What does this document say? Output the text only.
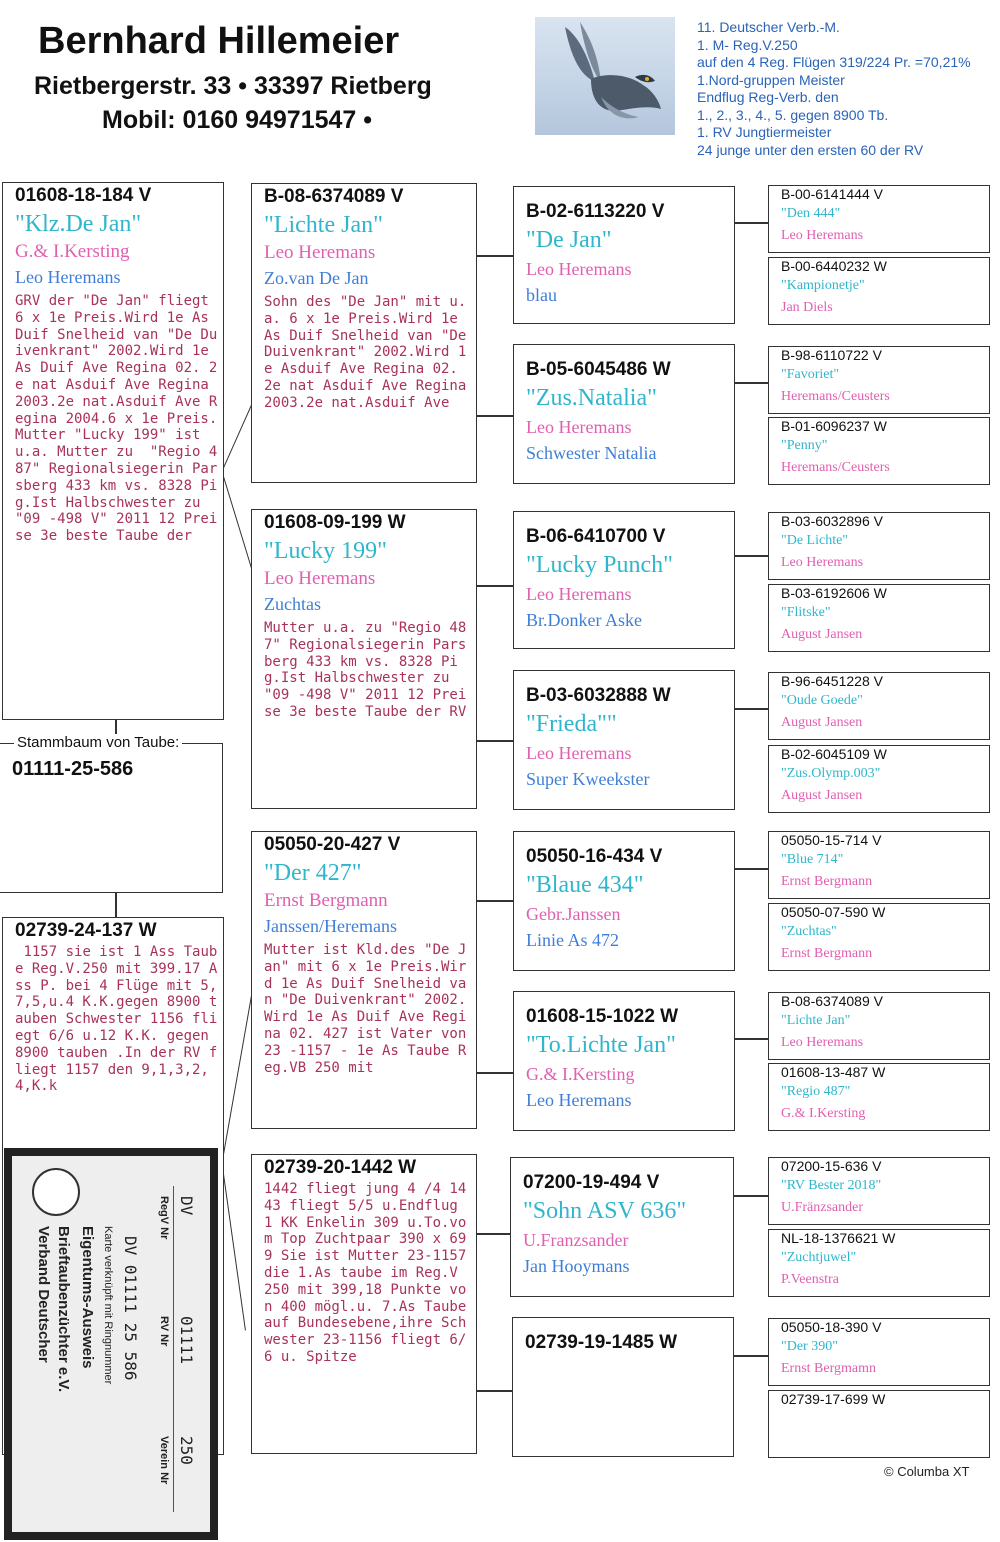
Bernhard Hillemeier
Rietbergerstr. 33 • 33397 Rietberg
Mobil: 0160 94971547 •
11. Deutscher Verb.-M.
1. M- Reg.V.250
auf den 4 Reg. Flügen 319/224 Pr. =70,21%
1.Nord-gruppen Meister
Endflug Reg-Verb. den
1., 2., 3., 4., 5. gegen 8900 Tb.
1. RV Jungtiermeister
24 junge unter den ersten 60 der RV
01608-18-184 V
"Klz.De Jan"
G.& I.Kersting
Leo Heremans
GRV der "De Jan" fliegt 6 x 1e Preis.Wird 1e As Duif Snelheid van "De Duivenkrant" 2002.Wird 1e As Duif Ave Regina 02. 2e nat Asduif Ave Regina 2003.2e nat.Asduif Ave Regina 2004.6 x 1e Preis. Mutter "Lucky 199" ist u.a. Mutter zu  "Regio 487" Regionalsiegerin Parsberg 433 km vs. 8328 Pig.Ist Halbschwester zu "09 -498 V" 2011 12 Preise 3e beste Taube der
Stammbaum von Taube:
01111-25-586
02739-24-137 W
1157 sie ist 1 Ass Taube Reg.V.250 mit 399.17 Ass P. bei 4 Flüge mit 5,7,5,u.4 K.K.gegen 8900 tauben Schwester 1156 fliegt 6/6 u.12 K.K. gegen 8900 tauben .In der RV fliegt 1157 den 9,1,3,2,4,K.k
Verband Deutscher Brieftaubenzüchter e.V. Eigentums-Ausweis Karte verknüpft mit Ringnummer DV 01111 25 586
RegV Nr
RV Nr
Verein Nr
DV
01111
250
B-08-6374089 V
"Lichte Jan"
Leo Heremans
Zo.van De Jan
Sohn des "De Jan" mit u.a. 6 x 1e Preis.Wird 1e As Duif Snelheid van "De Duivenkrant" 2002.Wird 1e Asduif Ave Regina 02. 2e nat Asduif Ave Regina 2003.2e nat.Asduif Ave
01608-09-199 W
"Lucky 199"
Leo Heremans
Zuchtas
Mutter u.a. zu "Regio 487" Regionalsiegerin Parsberg 433 km vs. 8328 Pig.Ist Halbschwester zu "09 -498 V" 2011 12 Preise 3e beste Taube der RV
05050-20-427 V
"Der 427"
Ernst Bergmann
Janssen/Heremans
Mutter ist Kld.des "De Jan" mit 6 x 1e Preis.Wird 1e As Duif Snelheid van "De Duivenkrant" 2002.Wird 1e As Duif Ave Regina 02. 427 ist Vater von 23 -1157 - 1e As Taube Reg.VB 250 mit
02739-20-1442 W
1442 fliegt jung 4 /4 1443 fliegt 5/5 u.Endflug 1 KK Enkelin 309 u.To.vom Top Zuchtpaar 390 x 699 Sie ist Mutter 23-1157 die 1.As taube im Reg.V 250 mit 399,18 Punkte von 400 mögl.u. 7.As Taube auf Bundesebene,ihre Schwester 23-1156 fliegt 6/6 u. Spitze
B-02-6113220 V
"De Jan"
Leo Heremans
blau
B-05-6045486 W
"Zus.Natalia"
Leo Heremans
Schwester Natalia
B-06-6410700 V
"Lucky Punch"
Leo Heremans
Br.Donker Aske
B-03-6032888 W
"Frieda""
Leo Heremans
Super Kweekster
05050-16-434 V
"Blaue 434"
Gebr.Janssen
Linie As 472
01608-15-1022 W
"To.Lichte Jan"
G.& I.Kersting
Leo Heremans
07200-19-494 V
"Sohn ASV 636"
U.Franzsander
Jan Hooymans
02739-19-1485 W
B-00-6141444 V
"Den 444"
Leo Heremans
B-00-6440232 W
"Kampionetje"
Jan Diels
B-98-6110722 V
"Favoriet"
Heremans/Ceusters
B-01-6096237 W
"Penny"
Heremans/Ceusters
B-03-6032896 V
"De Lichte"
Leo Heremans
B-03-6192606 W
"Flitske"
August Jansen
B-96-6451228 V
"Oude Goede"
August Jansen
B-02-6045109 W
"Zus.Olymp.003"
August Jansen
05050-15-714 V
"Blue 714"
Ernst Bergmann
05050-07-590 W
"Zuchtas"
Ernst Bergmann
B-08-6374089 V
"Lichte Jan"
Leo Heremans
01608-13-487 W
"Regio 487"
G.& I.Kersting
07200-15-636 V
"RV Bester 2018"
U.Fränzsander
NL-18-1376621 W
"Zuchtjuwel"
P.Veenstra
05050-18-390 V
"Der 390"
Ernst Bergmamn
02739-17-699 W
© Columba XT
